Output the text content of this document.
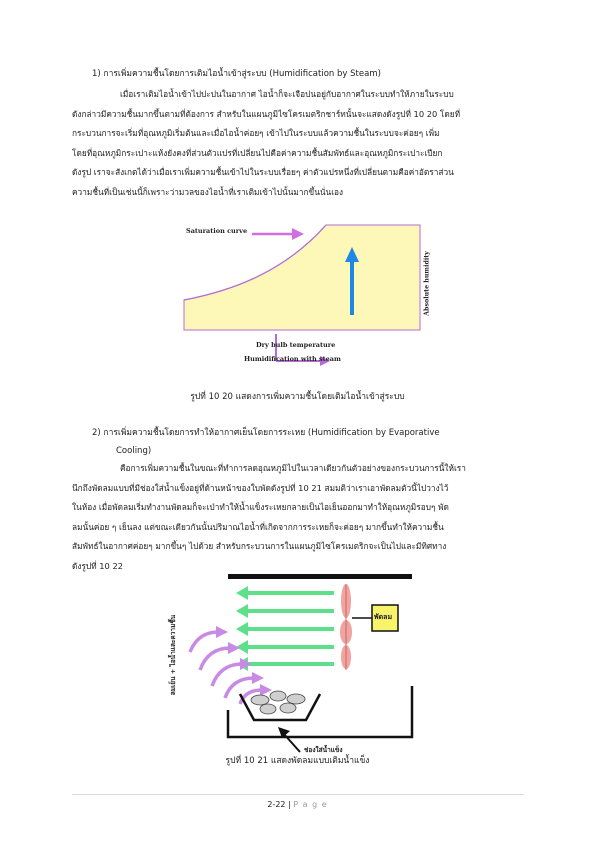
1) การเพิ่มความชื้นโดยการเติมไอน้ำเข้าสู่ระบบ (Humidification by Steam)
เมื่อเราเติมไอน้ำเข้าไปปะปนในอากาศ ไอน้ำก็จะเจือปนอยู่กับอากาศในระบบทำให้ภายในระบบ
ดังกล่าวมีความชื้นมากขึ้นตามที่ต้องการ สำหรับในแผนภูมิไซโครเมตริกชาร์ทนั้นจะแสดงดังรูปที่ 10 20 โดยที่
กระบวนการจะเริ่มที่อุณหภูมิเริ่มต้นและเมื่อไอน้ำค่อยๆ เข้าไปในระบบแล้วความชื้นในระบบจะค่อยๆ เพิ่ม
โดยที่อุณหภูมิกระเปาะแห้งยังคงที่ส่วนตัวแปรที่เปลี่ยนไปคือค่าความชื้นสัมพัทธ์และอุณหภูมิกระเปาะเปียก
ดังรูป เราจะสังเกตได้ว่าเมื่อเราเพิ่มความชื้นเข้าไปในระบบเรื่อยๆ ค่าตัวแปรหนึ่งที่เปลี่ยนตามคือค่าอัตราส่วน
ความชื้นที่เป็นเช่นนี้ก็เพราะว่ามวลของไอน้ำที่เราเติมเข้าไปนั้นมากขึ้นนั่นเอง
Saturation curve
Absolute humidity
Dry bulb temperature
Humidification with steam
รูปที่ 10 20 แสดงการเพิ่มความชื้นโดยเติมไอน้ำเข้าสู่ระบบ
2) การเพิ่มความชื้นโดยการทำให้อากาศเย็นโดยการระเหย (Humidification by Evaporative
Cooling)
คือการเพิ่มความชื้นในขณะที่ทำการลดอุณหภูมิไปในเวลาเดียวกันตัวอย่างของกระบวนการนี้ให้เรา
นึกถึงพัดลมแบบที่มีช่องใส่น้ำแข็งอยู่ที่ด้านหน้าของใบพัดดังรูปที่ 10 21 สมมติว่าเราเอาพัดลมตัวนี้ไปวางไว้
ในห้อง เมื่อพัดลมเริ่มทำงานพัดลมก็จะเป่าทำให้น้ำแข็งระเหยกลายเป็นไอเย็นออกมาทำให้อุณหภูมิรอบๆ พัด
ลมนั้นค่อย ๆ เย็นลง แต่ขณะเดียวกันนั้นปริมาณไอน้ำที่เกิดจากการระเหยก็จะค่อยๆ มากขึ้นทำให้ความชื้น
สัมพัทธ์ในอากาศค่อยๆ มากขึ้นๆ ไปด้วย สำหรับกระบวนการในแผนภูมิไซโครเมตริกจะเป็นไปและมีทิศทาง
ดังรูปที่ 10 22
พัดลม
ลมเย็น + ไอน้ำและความชื้น
ช่องใส่น้ำแข็ง
รูปที่ 10 21 แสดงพัดลมแบบเติมน้ำแข็ง
2-22 | P a g e
